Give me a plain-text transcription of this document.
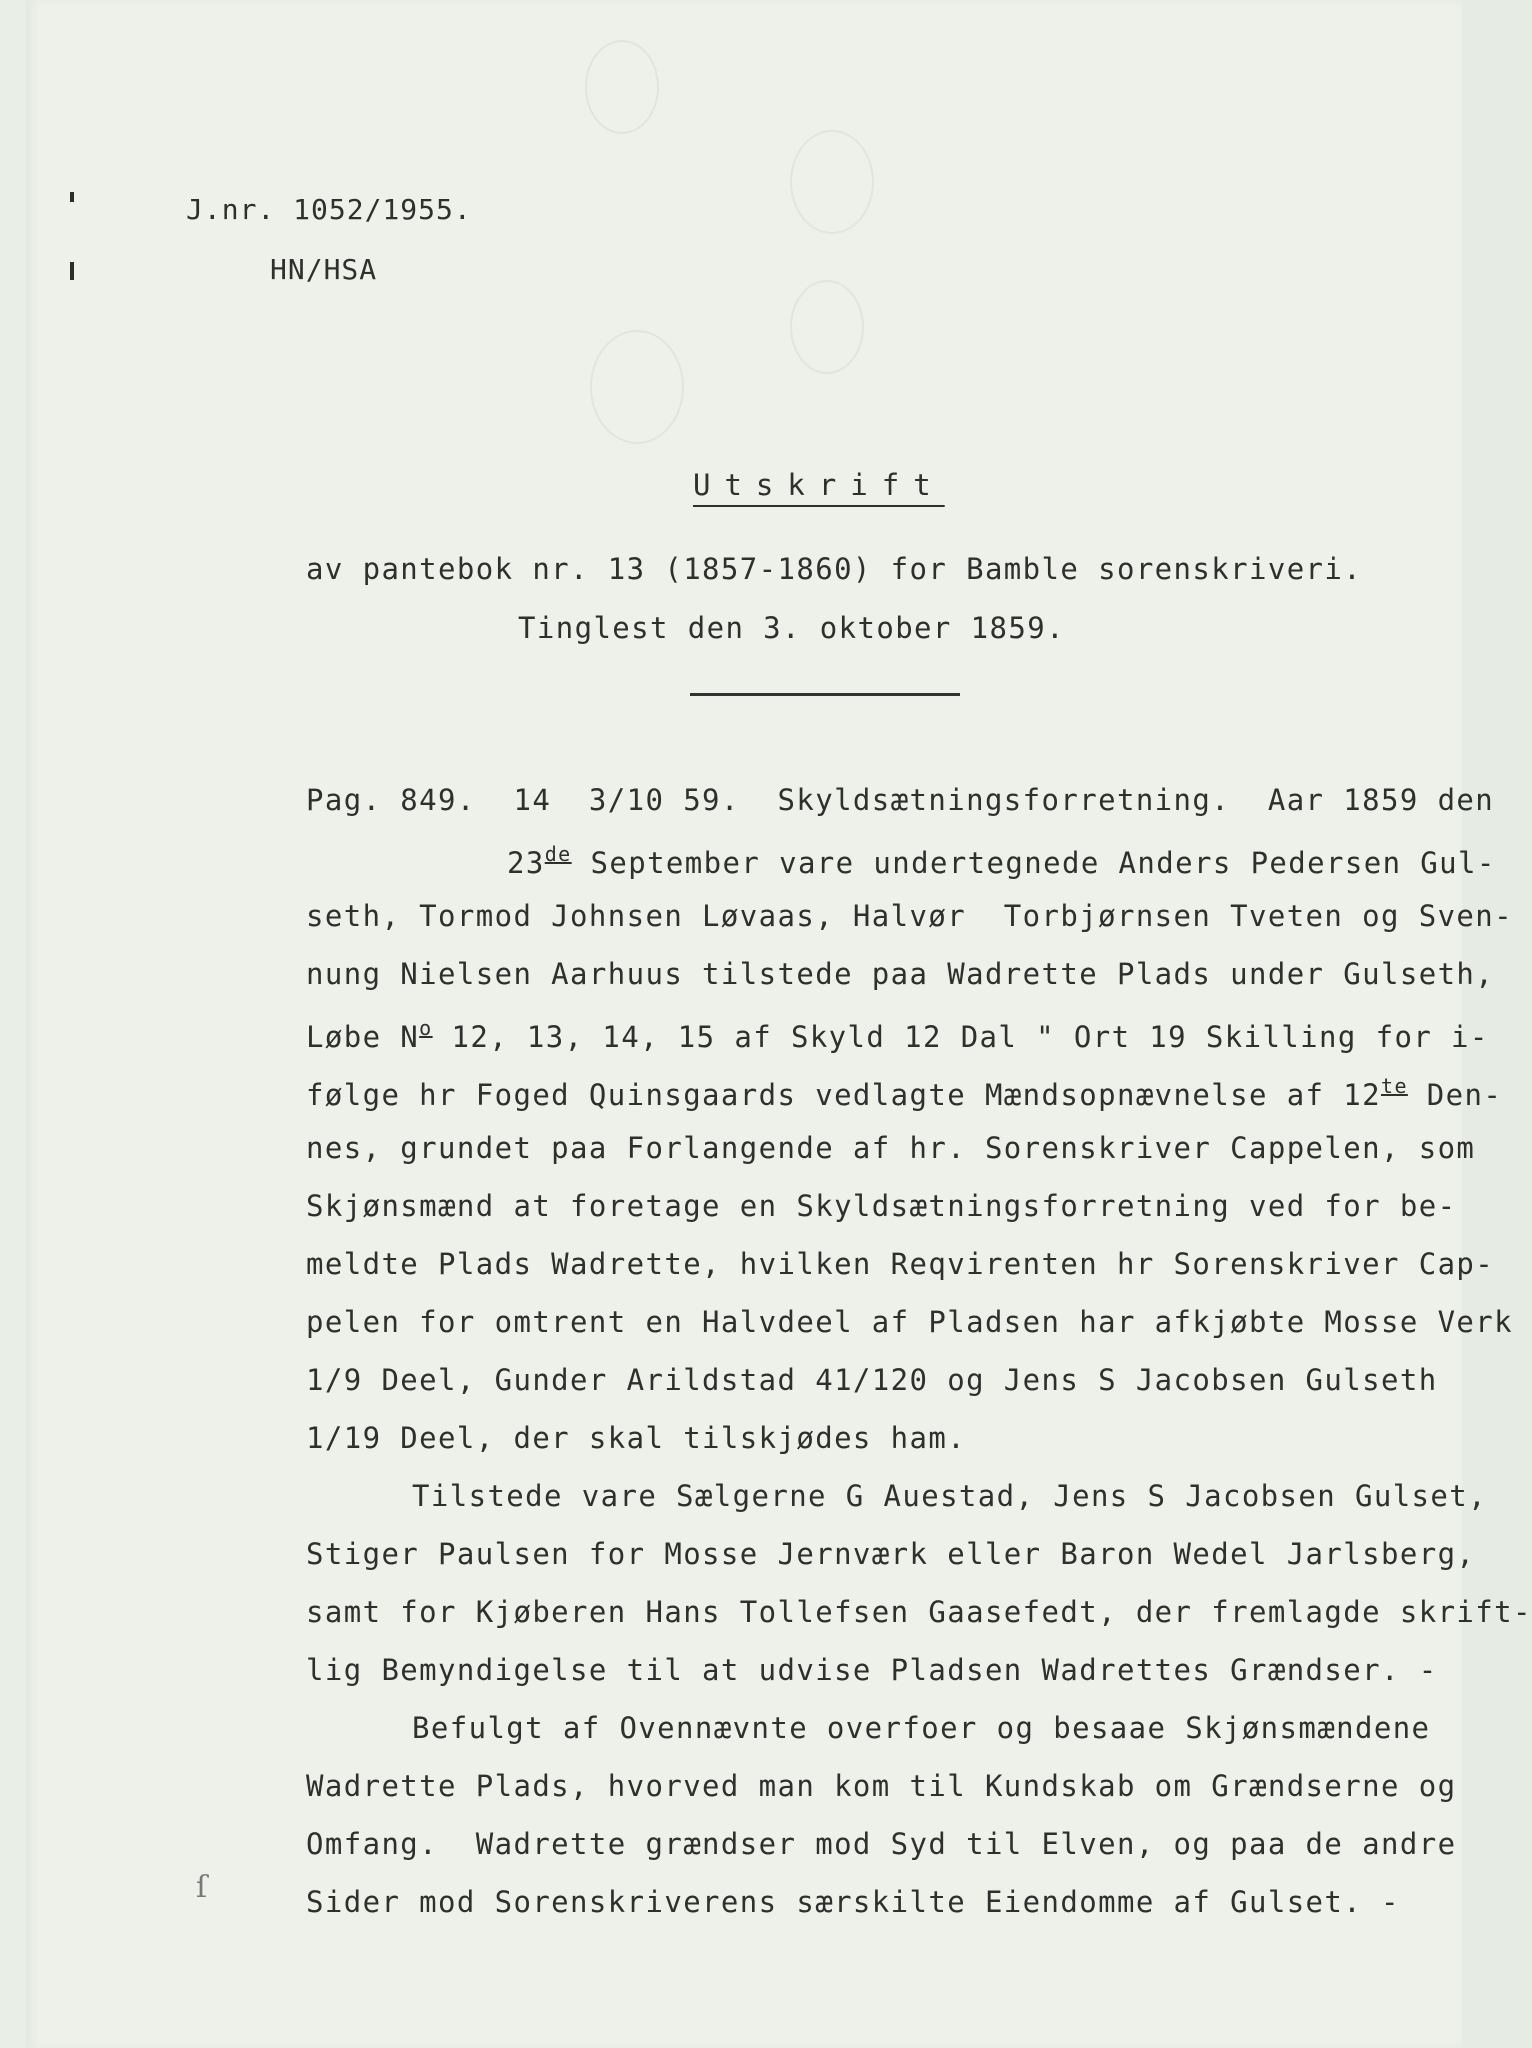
J.nr. 1052/1955.
HN/HSA
Utskrift
av pantebok nr. 13 (1857-1860) for Bamble sorenskriveri.
Tinglest den 3. oktober 1859.
Pag. 849.  14  3/10 59.  Skyldsætningsforretning.  Aar 1859 den
23de September vare undertegnede Anders Pedersen Gul-
seth, Tormod Johnsen Løvaas, Halvør  Torbjørnsen Tveten og Sven-
nung Nielsen Aarhuus tilstede paa Wadrette Plads under Gulseth,
Løbe $N^o$ 12, 13, 14, 15 af Skyld 12 Dal " Ort 19 Skilling for i-
følge hr Foged Quinsgaards vedlagte Mændsopnævnelse af $12^{te}$ Den-
nes, grundet paa Forlangende af hr. Sorenskriver Cappelen, som
Skjønsmænd at foretage en Skyldsætningsforretning ved for be-
meldte Plads Wadrette, hvilken Reqvirenten hr Sorenskriver Cap-
pelen for omtrent en Halvdeel af Pladsen har afkjøbte Mosse Verk
1/9 Deel, Gunder Arildstad 41/120 og Jens S Jacobsen Gulseth
1/19 Deel, der skal tilskjødes ham.
Tilstede vare Sælgerne G Auestad, Jens S Jacobsen Gulset,
Stiger Paulsen for Mosse Jernværk eller Baron Wedel Jarlsberg,
samt for Kjøberen Hans Tollefsen Gaasefedt, der fremlagde skrift-
lig Bemyndigelse til at udvise Pladsen Wadrettes Grændser. -
Befulgt af Ovennævnte overfoer og besaae Skjønsmændene
Wadrette Plads, hvorved man kom til Kundskab om Grændserne og
Omfang.  Wadrette grændser mod Syd til Elven, og paa de andre
Sider mod Sorenskriverens særskilte Eiendomme af Gulset. -
ſ
